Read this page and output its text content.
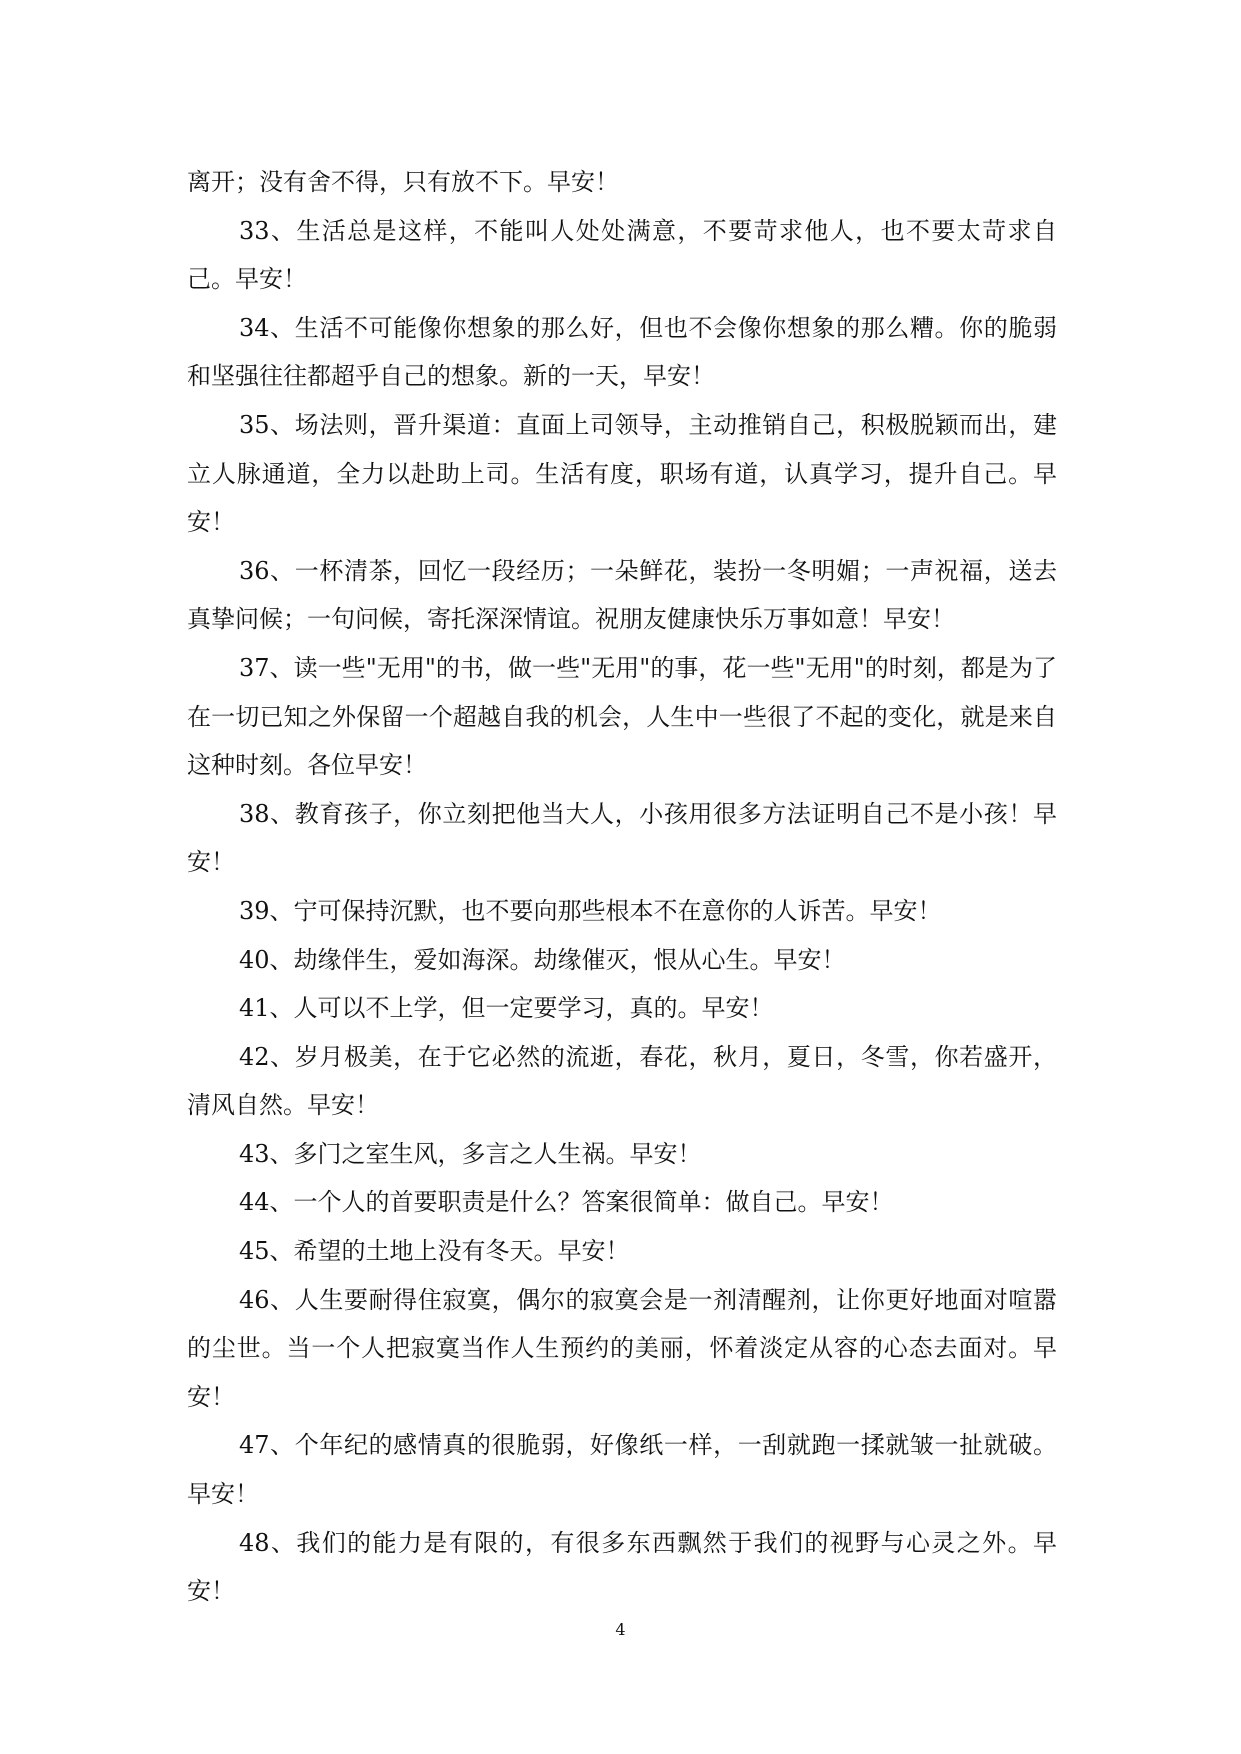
离开；没有舍不得，只有放不下。早安！

33、生活总是这样，不能叫人处处满意，不要苛求他人，也不要太苛求自己。早安！

34、生活不可能像你想象的那么好，但也不会像你想象的那么糟。你的脆弱和坚强往往都超乎自己的想象。新的一天，早安！

35、场法则，晋升渠道：直面上司领导，主动推销自己，积极脱颖而出，建立人脉通道，全力以赴助上司。生活有度，职场有道，认真学习，提升自己。早安！

36、一杯清茶，回忆一段经历；一朵鲜花，装扮一冬明媚；一声祝福，送去真挚问候；一句问候，寄托深深情谊。祝朋友健康快乐万事如意！早安！

37、读一些"无用"的书，做一些"无用"的事，花一些"无用"的时刻，都是为了在一切已知之外保留一个超越自我的机会，人生中一些很了不起的变化，就是来自这种时刻。各位早安！

38、教育孩子，你立刻把他当大人，小孩用很多方法证明自己不是小孩！早安！

39、宁可保持沉默，也不要向那些根本不在意你的人诉苦。早安！

40、劫缘伴生，爱如海深。劫缘催灭，恨从心生。早安！

41、人可以不上学，但一定要学习，真的。早安！

42、岁月极美，在于它必然的流逝，春花，秋月，夏日，冬雪，你若盛开，清风自然。早安！

43、多门之室生风，多言之人生祸。早安！

44、一个人的首要职责是什么？答案很简单：做自己。早安！

45、希望的土地上没有冬天。早安！

46、人生要耐得住寂寞，偶尔的寂寞会是一剂清醒剂，让你更好地面对喧嚣的尘世。当一个人把寂寞当作人生预约的美丽，怀着淡定从容的心态去面对。早安！

47、个年纪的感情真的很脆弱，好像纸一样，一刮就跑一揉就皱一扯就破。早安！

48、我们的能力是有限的，有很多东西飘然于我们的视野与心灵之外。早安！

4
